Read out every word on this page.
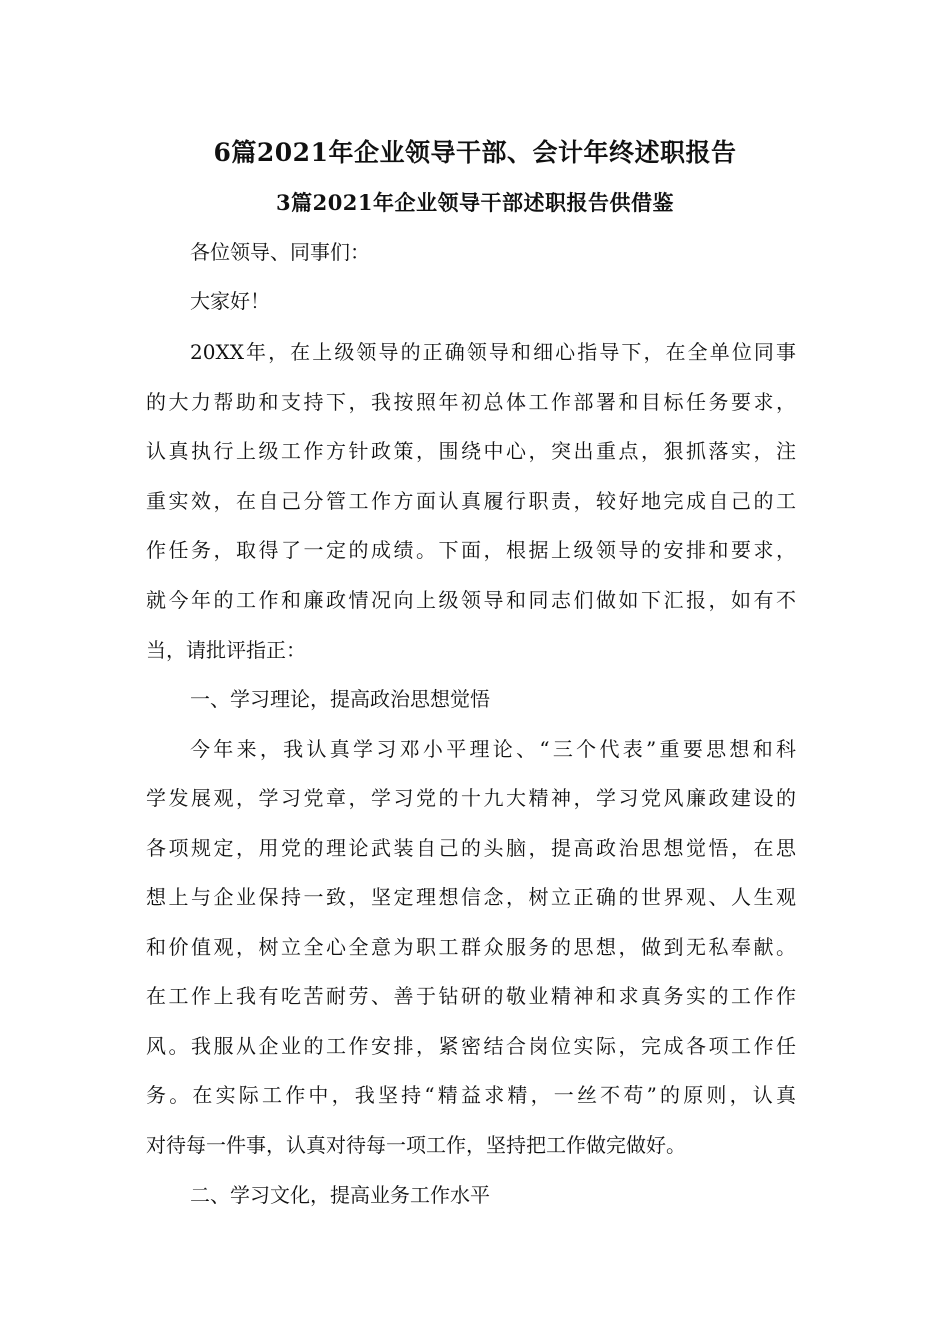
6篇2021年企业领导干部、会计年终述职报告
3篇2021年企业领导干部述职报告供借鉴
各位领导、同事们：
大家好！
20XX年，在上级领导的正确领导和细心指导下，在全单位同事
的大力帮助和支持下，我按照年初总体工作部署和目标任务要求，
认真执行上级工作方针政策，围绕中心，突出重点，狠抓落实，注
重实效，在自己分管工作方面认真履行职责，较好地完成自己的工
作任务，取得了一定的成绩。下面，根据上级领导的安排和要求，
就今年的工作和廉政情况向上级领导和同志们做如下汇报，如有不
当，请批评指正：
一、学习理论，提高政治思想觉悟
今年来，我认真学习邓小平理论、“三个代表”重要思想和科
学发展观，学习党章，学习党的十九大精神，学习党风廉政建设的
各项规定，用党的理论武装自己的头脑，提高政治思想觉悟，在思
想上与企业保持一致，坚定理想信念，树立正确的世界观、人生观
和价值观，树立全心全意为职工群众服务的思想，做到无私奉献。
在工作上我有吃苦耐劳、善于钻研的敬业精神和求真务实的工作作
风。我服从企业的工作安排，紧密结合岗位实际，完成各项工作任
务。在实际工作中，我坚持“精益求精，一丝不苟”的原则，认真
对待每一件事，认真对待每一项工作，坚持把工作做完做好。
二、学习文化，提高业务工作水平
